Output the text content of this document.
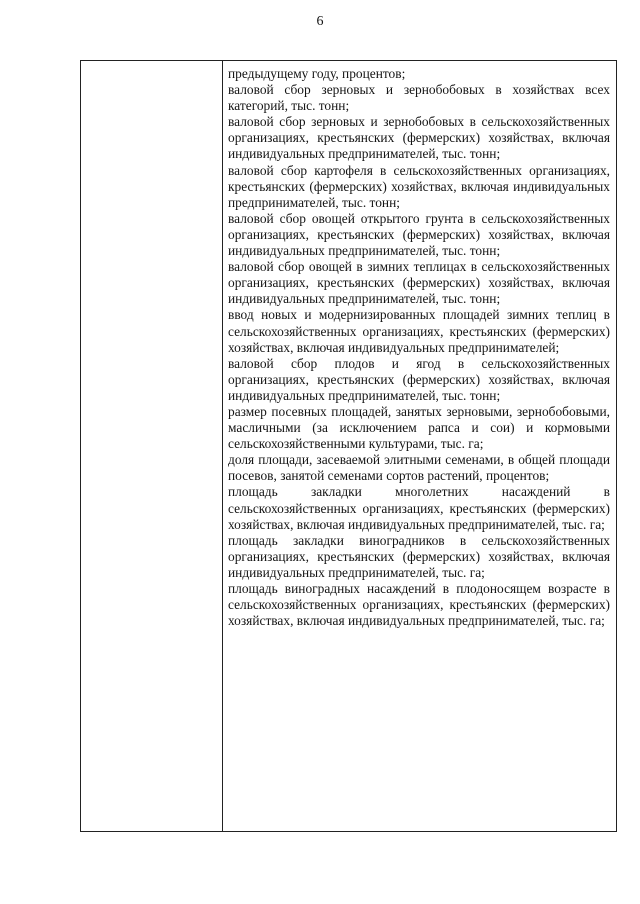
6

предыдущему году, процентов;

валовой сбор зерновых и зернобобовых в хозяйствах всех категорий, тыс. тонн;

валовой сбор зерновых и зернобобовых в сельскохозяйственных организациях, крестьянских (фермерских) хозяйствах, включая индивидуальных предпринимателей, тыс. тонн;

валовой сбор картофеля в сельскохозяйственных организациях, крестьянских (фермерских) хозяйствах, включая индивидуальных предпринимателей, тыс. тонн;

валовой сбор овощей открытого грунта в сельскохозяйственных организациях, крестьянских (фермерских) хозяйствах, включая индивидуальных предпринимателей, тыс. тонн;

валовой сбор овощей в зимних теплицах в сельскохозяйственных организациях, крестьянских (фермерских) хозяйствах, включая индивидуальных предпринимателей, тыс. тонн;

ввод новых и модернизированных площадей зимних теплиц в сельскохозяйственных организациях, крестьянских (фермерских) хозяйствах, включая индивидуальных предпринимателей;

валовой сбор плодов и ягод в сельскохозяйственных организациях, крестьянских (фермерских) хозяйствах, включая индивидуальных предпринимателей, тыс. тонн;

размер посевных площадей, занятых зерновыми, зернобобовыми, масличными (за исключением рапса и сои) и кормовыми сельскохозяйственными культурами, тыс. га;

доля площади, засеваемой элитными семенами, в общей площади посевов, занятой семенами сортов растений, процентов;

площадь закладки многолетних насаждений в сельскохозяйственных организациях, крестьянских (фермерских) хозяйствах, включая индивидуальных предпринимателей, тыс. га;

площадь закладки виноградников в сельскохозяйственных организациях, крестьянских (фермерских) хозяйствах, включая индивидуальных предпринимателей, тыс. га;

площадь виноградных насаждений в плодоносящем возрасте в сельскохозяйственных организациях, крестьянских (фермерских) хозяйствах, включая индивидуальных предпринимателей, тыс. га;
